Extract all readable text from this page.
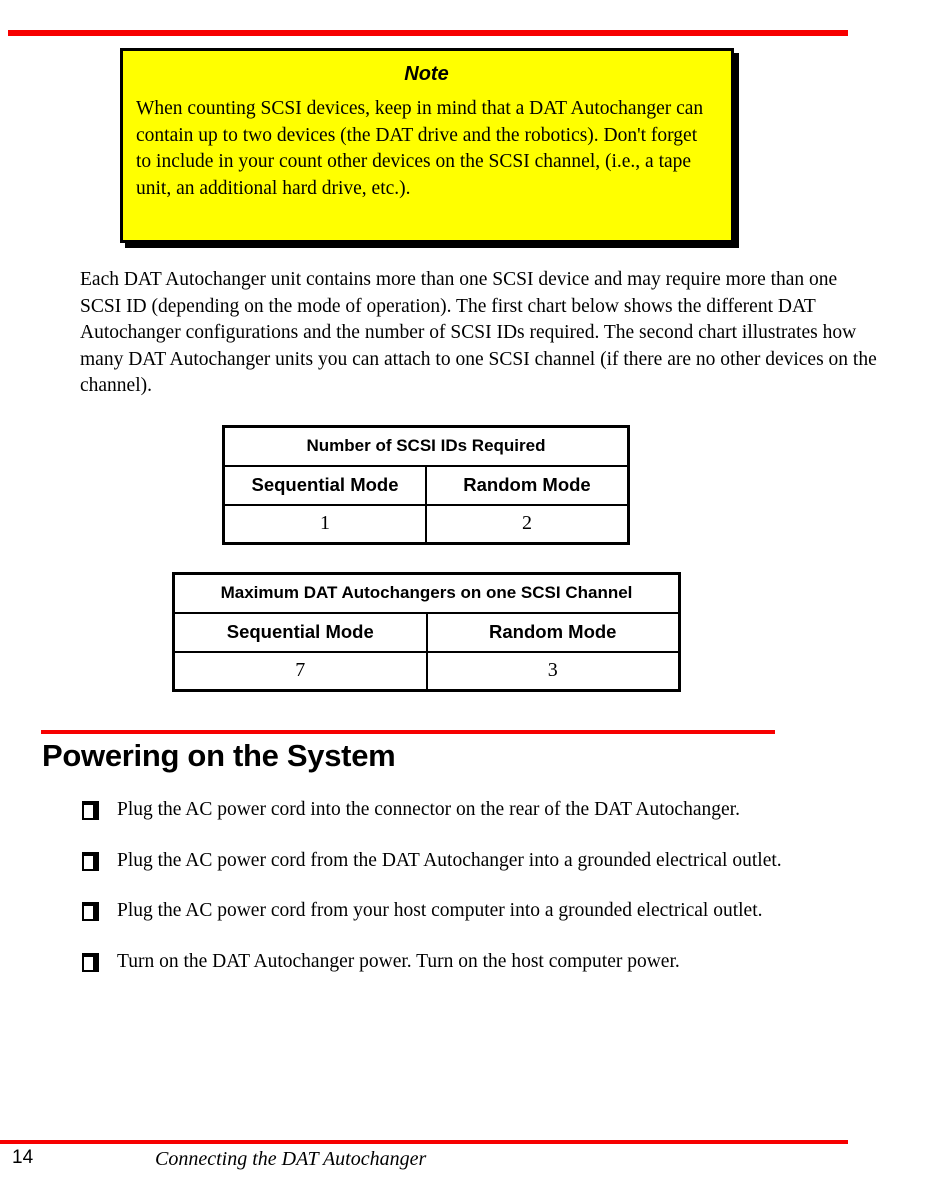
Note

When counting SCSI devices, keep in mind that a DAT Autochanger can contain up to two devices (the DAT drive and the robotics). Don't forget to include in your count other devices on the SCSI channel, (i.e., a tape unit, an additional hard drive, etc.).

Each DAT Autochanger unit contains more than one SCSI device and may require more than one SCSI ID (depending on the mode of operation). The first chart below shows the different DAT Autochanger configurations and the number of SCSI IDs required. The second chart illustrates how many DAT Autochanger units you can attach to one SCSI channel (if there are no other devices on the channel).

Number of SCSI IDs Required	
Sequential Mode	Random Mode
1	2
Maximum DAT Autochangers on one SCSI Channel	
Sequential Mode	Random Mode
7	3
Powering on the System
Plug the AC power cord into the connector on the rear of the DAT Autochanger.
Plug the AC power cord from the DAT Autochanger into a grounded electrical outlet.
Plug the AC power cord from your host computer into a grounded electrical outlet.
Turn on the DAT Autochanger power. Turn on the host computer power.
14	Connecting the DAT Autochanger
